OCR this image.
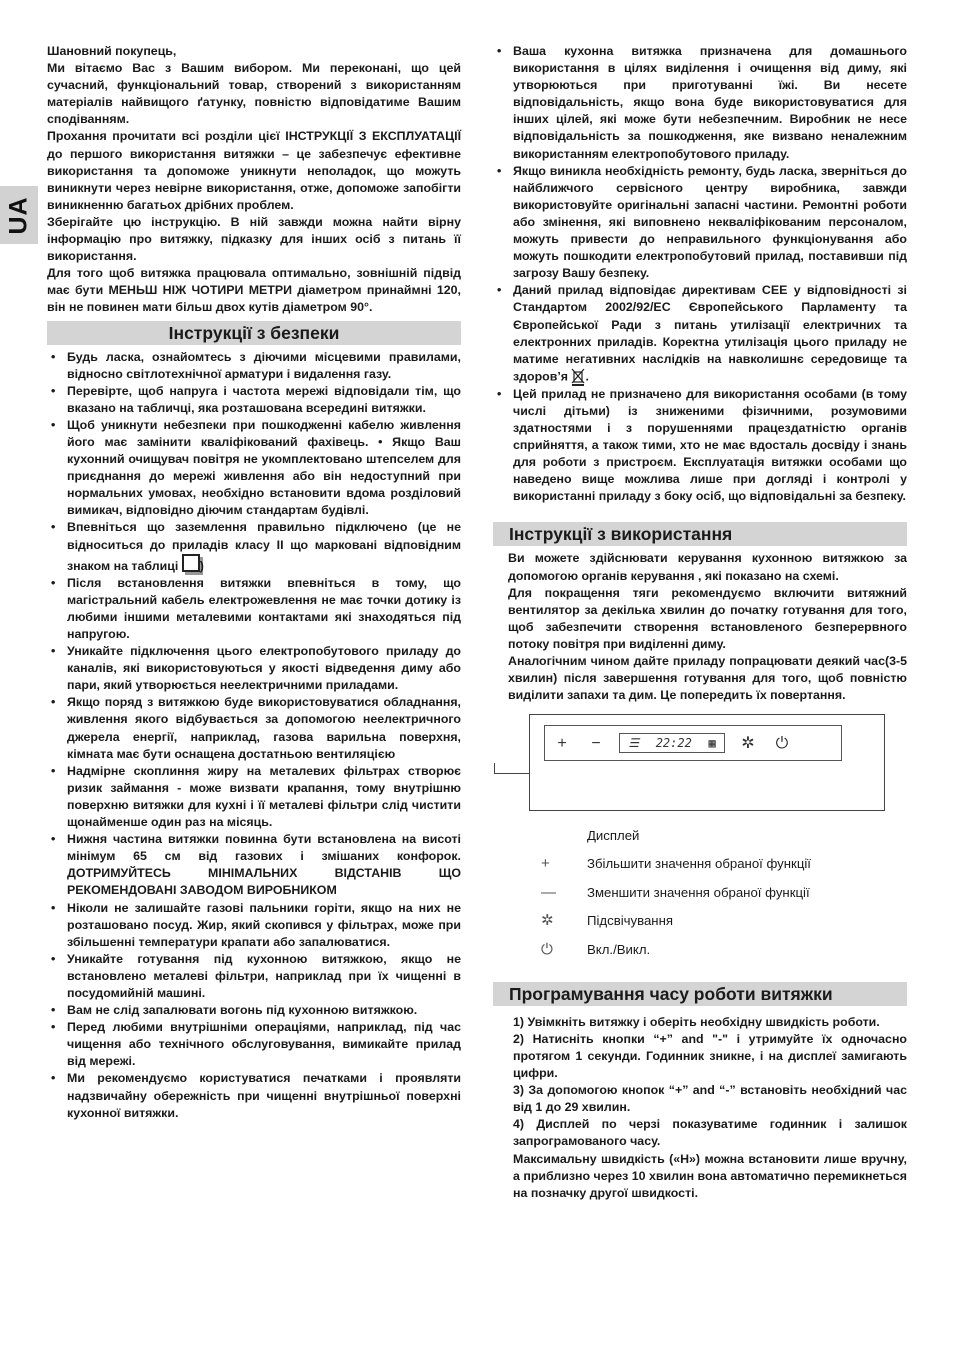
UA

Шановний покупець,

Ми вітаємо Вас з Вашим вибором. Ми переконані, що цей сучасний, функціональний товар, створений з використанням матеріалів найвищого ґатунку, повністю відповідатиме Вашим сподіванням.

Прохання прочитати всі розділи цієї ІНСТРУКЦІЇ З ЕКСПЛУАТАЦІЇ до першого використання витяжки – це забезпечує ефективне використання та допоможе уникнути неполадок, що можуть виникнути через невірне використання, отже, допоможе запобігти виникненню багатьох дрібних проблем.

Зберігайте цю інструкцію. В ній завжди можна найти вірну інформацію про витяжку, підказку для інших осіб з питань її використання.

Для того щоб витяжка працювала оптимально, зовнішній підвід має бути МЕНЬШ НІЖ ЧОТИРИ МЕТРИ діаметром принаймні 120, він не повинен мати більш двох кутів діаметром 90°.

Інструкції з безпеки
• Будь ласка, ознайомтесь з діючими місцевими правилами, відносно світлотехнічної арматури і видалення газу.
• Перевірте, щоб напруга і частота мережі відповідали тім, що вказано на табличці, яка розташована всередині витяжки.
• Щоб уникнути небезпеки при пошкодженні кабелю живлення його має замінити кваліфікований фахівець. • Якщо Ваш кухонний очищувач повітря не укомплектовано штепселем для приєднання до мережі живлення або він недоступний при нормальних умовах, необхідно встановити вдома розділовий вимикач, відповідно діючим стандартам будівлі.
• Впевніться що заземлення правильно підключено (це не відноситься до приладів класу II що марковані відповідним знаком на таблиці )
• Після встановлення витяжки впевніться в тому, що магістральний кабель електрожевлення не має точки дотику із любими іншими металевими контактами які знаходяться під напругою.
• Уникайте підключення цього електропобутового приладу до каналів, які використовуються у якості відведення диму або пари, який утворюється неелектричними приладами.
• Якщо поряд з витяжкою буде використовуватися обладнання, живлення якого відбувається за допомогою неелектричного джерела енергії, наприклад, газова варильна поверхня, кімната має бути оснащена достатньою вентиляцією
• Надмірне скоплиння жиру на металевих фільтрах створює ризик займання - може визвати крапання, тому внутрішню поверхню витяжки для кухні і її металеві фільтри слід чистити щонайменше один раз на місяць.
• Нижня частина витяжки повинна бути встановлена на висоті мінімум 65 см від газових і змішаних конфорок. ДОТРИМУЙТЕСЬ МІНІМАЛЬНИХ ВІДСТАНІВ ЩО РЕКОМЕНДОВАНІ ЗАВОДОМ ВИРОБНИКОМ
• Ніколи не залишайте газові пальники горіти, якщо на них не розташовано посуд. Жир, який скопився у фільтрах, може при збільшенні температури крапати або запалюватися.
• Уникайте готування під кухонною витяжкою, якщо не встановлено металеві фільтри, наприклад при їх чищенні в посудомийній машині.
• Вам не слід запалювати вогонь під кухонною витяжкою.
• Перед любими внутрішніми операціями, наприклад, під час чищення або технічного обслуговування, вимикайте прилад від мережі.
• Ми рекомендуємо користуватися печатками і проявляти надзвичайну обережність при чищенні внутрішньої поверхні кухонної витяжки.
• Ваша кухонна витяжка призначена для домашнього використання в цілях виділення і очищення від диму, які утворюються при приготуванні їжі. Ви несете відповідальність, якщо вона буде використовуватися для інших цілей, які може бути небезпечним. Виробник не несе відповідальність за пошкодження, яке визвано неналежним використанням електропобутового приладу.
• Якщо виникла необхідність ремонту, будь ласка, зверніться до найближчого сервісного центру виробника, завжди використовуйте оригінальні запасні частини. Ремонтні роботи або змінення, які виповнено некваліфікованим персоналом, можуть привести до неправильного функціонування або можуть пошкодити електропобутовий прилад, поставивши під загрозу Вашу безпеку.
• Даний прилад відповідає директивам CEE у відповідності зі Стандартом 2002/92/EC Європейського Парламенту та Європейської Ради з питань утилізації електричних та електронних приладів. Коректна утилізація цього приладу не матиме негативних наслідків на навколишнє середовище та здоров’я .
• Цей прилад не призначено для використання особами (в тому числі дітьми) із зниженими фізичними, розумовими здатностями і з порушеннями працездатністю органів сприйняття, а також тими, хто не має вдосталь досвіду і знань для роботи з пристроєм. Експлуатація витяжки особами що наведено вище можлива лише при догляді і контролі у використанні приладу з боку осіб, що відповідальні за безпеку.
Інструкції з використання

Ви можете здійснювати керування кухонною витяжкою за допомогою органів керування , які показано на схемі.

Для покращення тяги рекомендуємо включити витяжний вентилятор за декілька хвилин до початку готування для того, щоб забезпечити створення встановленого безперервного потоку повітря при виділенні диму.

Аналогічним чином дайте приладу попрацювати деякий час(3-5 хвилин) після завершення готування для того, щоб повністю виділити запахи та дим. Це попередить їх повертання.

+	−	☰ 22:22 ▦	✲	⏻
Дисплей
+	Збільшити значення обраної функції
—	Зменшити значення обраної функції
✲	Підсвічування
⏻	Вкл./Викл.
Програмування часу роботи витяжки

1) Увімкніть витяжку і оберіть необхідну швидкість роботи.

2) Натисніть кнопки “+” and "-" і утримуйте їх одночасно протягом 1 секунди. Годинник зникне, і на дисплеї замигають цифри.

3) За допомогою кнопок “+” and “-” встановіть необхідний час від 1 до 29 хвилин.

4) Дисплей по черзі показуватиме годинник і залишок запрограмованого часу.

Максимальну швидкість («H») можна встановити лише вручну, а приблизно через 10 хвилин вона автоматично перемикнеться на позначку другої швидкості.
